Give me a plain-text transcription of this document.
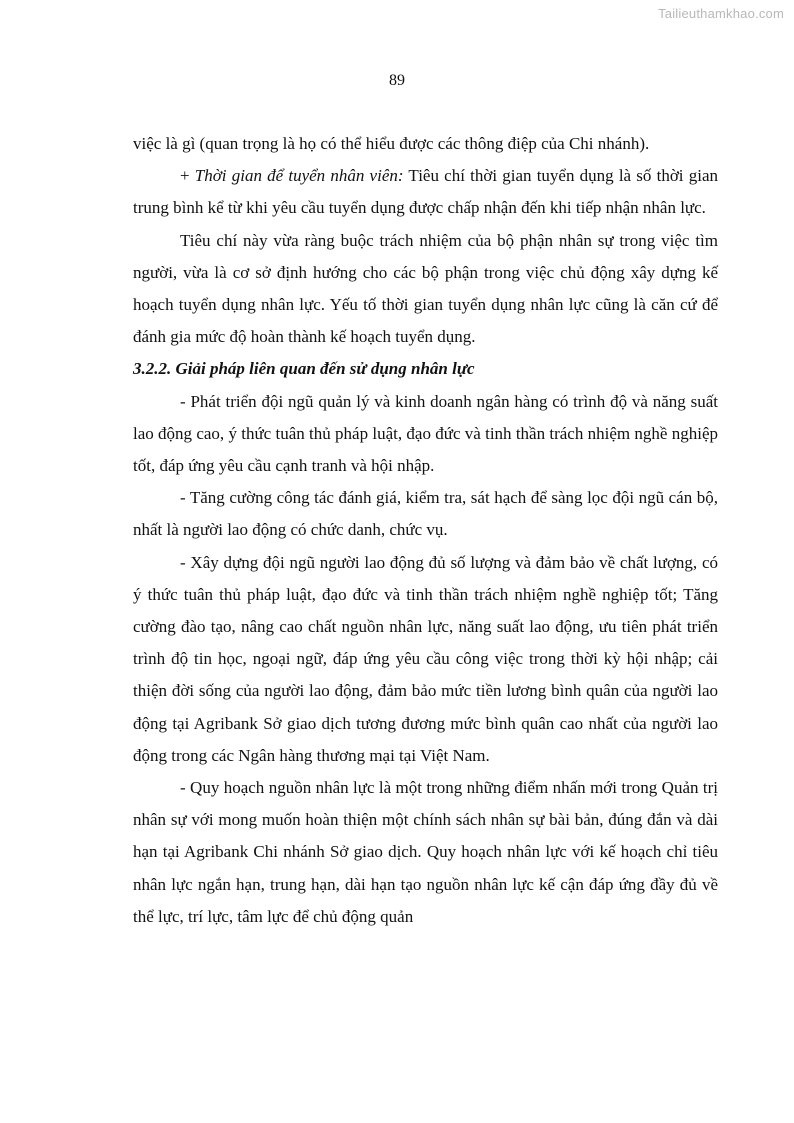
Tailieuthamkhao.com
89

việc là gì (quan trọng là họ có thể hiểu được các thông điệp của Chi nhánh).

+ Thời gian để tuyển nhân viên: Tiêu chí thời gian tuyển dụng là số thời gian trung bình kể từ khi yêu cầu tuyển dụng được chấp nhận đến khi tiếp nhận nhân lực.

Tiêu chí này vừa ràng buộc trách nhiệm của bộ phận nhân sự trong việc tìm người, vừa là cơ sở định hướng cho các bộ phận trong việc chủ động xây dựng kế hoạch tuyển dụng nhân lực. Yếu tố thời gian tuyển dụng nhân lực cũng là căn cứ để đánh gia mức độ hoàn thành kế hoạch tuyển dụng.

3.2.2. Giải pháp liên quan đến sử dụng nhân lực

- Phát triển đội ngũ quản lý và kinh doanh ngân hàng có trình độ và năng suất lao động cao, ý thức tuân thủ pháp luật, đạo đức và tinh thần trách nhiệm nghề nghiệp tốt, đáp ứng yêu cầu cạnh tranh và hội nhập.

- Tăng cường công tác đánh giá, kiểm tra, sát hạch để sàng lọc đội ngũ cán bộ, nhất là người lao động có chức danh, chức vụ.

- Xây dựng đội ngũ người lao động đủ số lượng và đảm bảo về chất lượng, có ý thức tuân thủ pháp luật, đạo đức và tinh thần trách nhiệm nghề nghiệp tốt; Tăng cường đào tạo, nâng cao chất nguồn nhân lực, năng suất lao động, ưu tiên phát triển trình độ tin học, ngoại ngữ, đáp ứng yêu cầu công việc trong thời kỳ hội nhập; cải thiện đời sống của người lao động, đảm bảo mức tiền lương bình quân của người lao động tại Agribank Sở giao dịch tương đương mức bình quân cao nhất của người lao động trong các Ngân hàng thương mại tại Việt Nam.

- Quy hoạch nguồn nhân lực là một trong những điểm nhấn mới trong Quản trị nhân sự với mong muốn hoàn thiện một chính sách nhân sự bài bản, đúng đắn và dài hạn tại Agribank Chi nhánh Sở giao dịch. Quy hoạch nhân lực với kế hoạch chỉ tiêu nhân lực ngắn hạn, trung hạn, dài hạn tạo nguồn nhân lực kế cận đáp ứng đầy đủ về thể lực, trí lực, tâm lực để chủ động quản
